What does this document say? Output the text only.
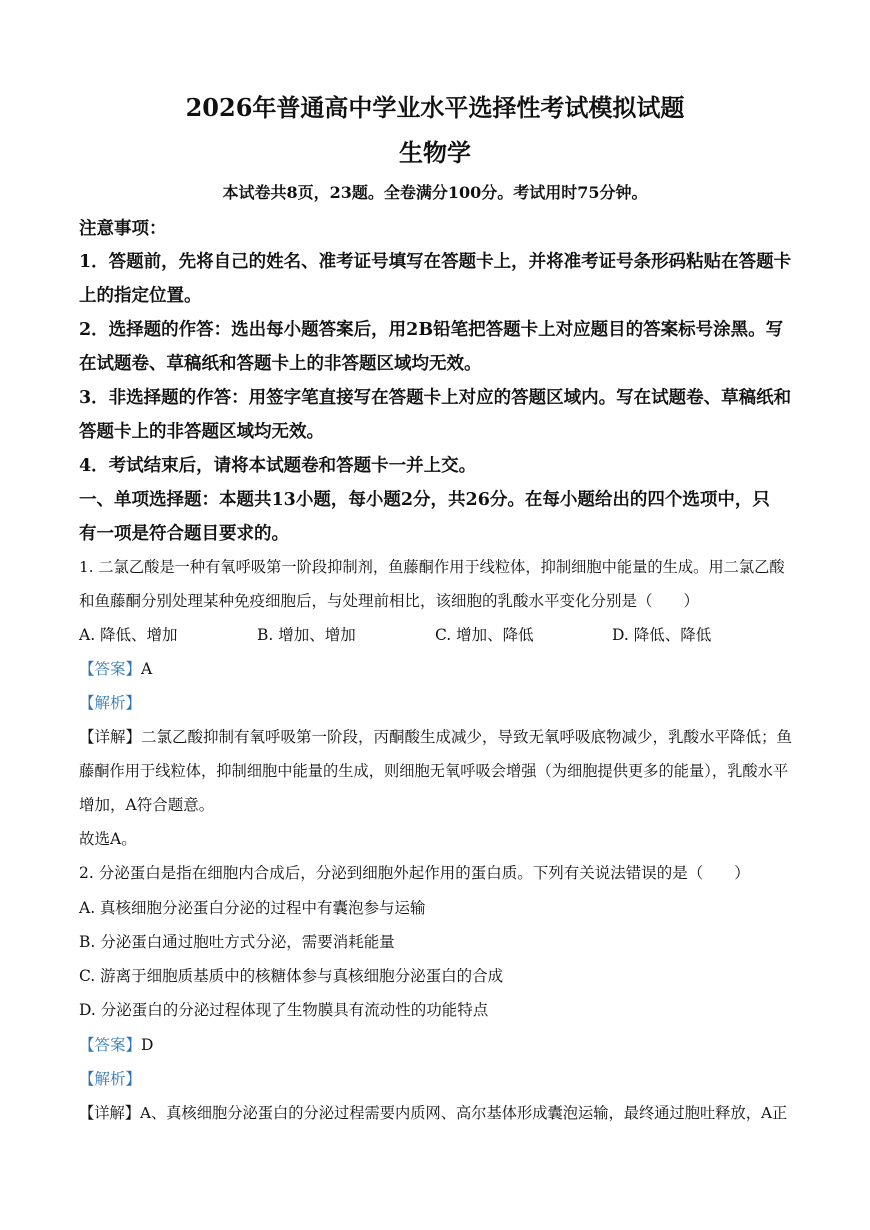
2026年普通高中学业水平选择性考试模拟试题
生物学
本试卷共8页，23题。全卷满分100分。考试用时75分钟。
注意事项：
1．答题前，先将自己的姓名、准考证号填写在答题卡上，并将准考证号条形码粘贴在答题卡
上的指定位置。
2．选择题的作答：选出每小题答案后，用2B铅笔把答题卡上对应题目的答案标号涂黑。写
在试题卷、草稿纸和答题卡上的非答题区域均无效。
3．非选择题的作答：用签字笔直接写在答题卡上对应的答题区域内。写在试题卷、草稿纸和
答题卡上的非答题区域均无效。
4．考试结束后，请将本试题卷和答题卡一并上交。
一、单项选择题：本题共13小题，每小题2分，共26分。在每小题给出的四个选项中，只
有一项是符合题目要求的。
1. 二氯乙酸是一种有氧呼吸第一阶段抑制剂，鱼藤酮作用于线粒体，抑制细胞中能量的生成。用二氯乙酸
和鱼藤酮分别处理某种免疫细胞后，与处理前相比，该细胞的乳酸水平变化分别是（　　）
A. 降低、增加	B. 增加、增加	C. 增加、降低	D. 降低、降低
【答案】A
【解析】
【详解】二氯乙酸抑制有氧呼吸第一阶段，丙酮酸生成减少，导致无氧呼吸底物减少，乳酸水平降低；鱼
藤酮作用于线粒体，抑制细胞中能量的生成，则细胞无氧呼吸会增强（为细胞提供更多的能量），乳酸水平
增加，A符合题意。
故选A。
2. 分泌蛋白是指在细胞内合成后，分泌到细胞外起作用的蛋白质。下列有关说法错误的是（　　）
A. 真核细胞分泌蛋白分泌的过程中有囊泡参与运输
B. 分泌蛋白通过胞吐方式分泌，需要消耗能量
C. 游离于细胞质基质中的核糖体参与真核细胞分泌蛋白的合成
D. 分泌蛋白的分泌过程体现了生物膜具有流动性的功能特点
【答案】D
【解析】
【详解】A、真核细胞分泌蛋白的分泌过程需要内质网、高尔基体形成囊泡运输，最终通过胞吐释放，A正
